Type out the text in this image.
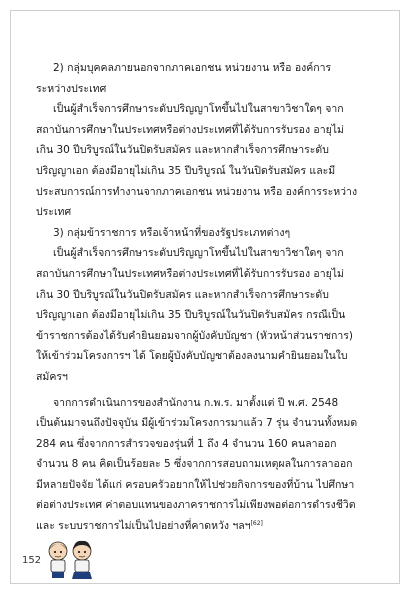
2) กลุ่มบุคคลภายนอกจากภาคเอกชน หน่วยงาน หรือ องค์การ
ระหว่างประเทศ
เป็นผู้สำเร็จการศึกษาระดับปริญญาโทขึ้นไปในสาขาวิชาใดๆ จาก
สถาบันการศึกษาในประเทศหรือต่างประเทศที่ได้รับการรับรอง อายุไม่
เกิน 30 ปีบริบูรณ์ในวันปิดรับสมัคร และหากสำเร็จการศึกษาระดับ
ปริญญาเอก ต้องมีอายุไม่เกิน 35 ปีบริบูรณ์ ในวันปิดรับสมัคร และมี
ประสบการณ์การทำงานจากภาคเอกชน หน่วยงาน หรือ องค์การระหว่าง
ประเทศ
3) กลุ่มข้าราชการ หรือเจ้าหน้าที่ของรัฐประเภทต่างๆ
เป็นผู้สำเร็จการศึกษาระดับปริญญาโทขึ้นไปในสาขาวิชาใดๆ จาก
สถาบันการศึกษาในประเทศหรือต่างประเทศที่ได้รับการรับรอง อายุไม่
เกิน 30 ปีบริบูรณ์ในวันปิดรับสมัคร และหากสำเร็จการศึกษาระดับ
ปริญญาเอก ต้องมีอายุไม่เกิน 35 ปีบริบูรณ์ในวันปิดรับสมัคร กรณีเป็น
ข้าราชการต้องได้รับคำยินยอมจากผู้บังคับบัญชา (หัวหน้าส่วนราชการ)
ให้เข้าร่วมโครงการฯ ได้ โดยผู้บังคับบัญชาต้องลงนามคำยินยอมในใบ
สมัครฯ
จากการดำเนินการของสำนักงาน ก.พ.ร. มาตั้งแต่ ปี พ.ศ. 2548
เป็นต้นมาจนถึงปัจจุบัน มีผู้เข้าร่วมโครงการมาแล้ว 7 รุ่น จำนวนทั้งหมด
284 คน ซึ่งจากการสำรวจของรุ่นที่ 1 ถึง 4 จำนวน 160 คนลาออก
จำนวน 8 คน คิดเป็นร้อยละ 5 ซึ่งจากการสอบถามเหตุผลในการลาออก
มีหลายปัจจัย ได้แก่ ครอบครัวอยากให้ไปช่วยกิจการของที่บ้าน ไปศึกษา
ต่อต่างประเทศ ค่าตอบแทนของภาคราชการไม่เพียงพอต่อการดำรงชีวิต
และ ระบบราชการไม่เป็นไปอย่างที่คาดหวัง ฯลฯ[62]
152
